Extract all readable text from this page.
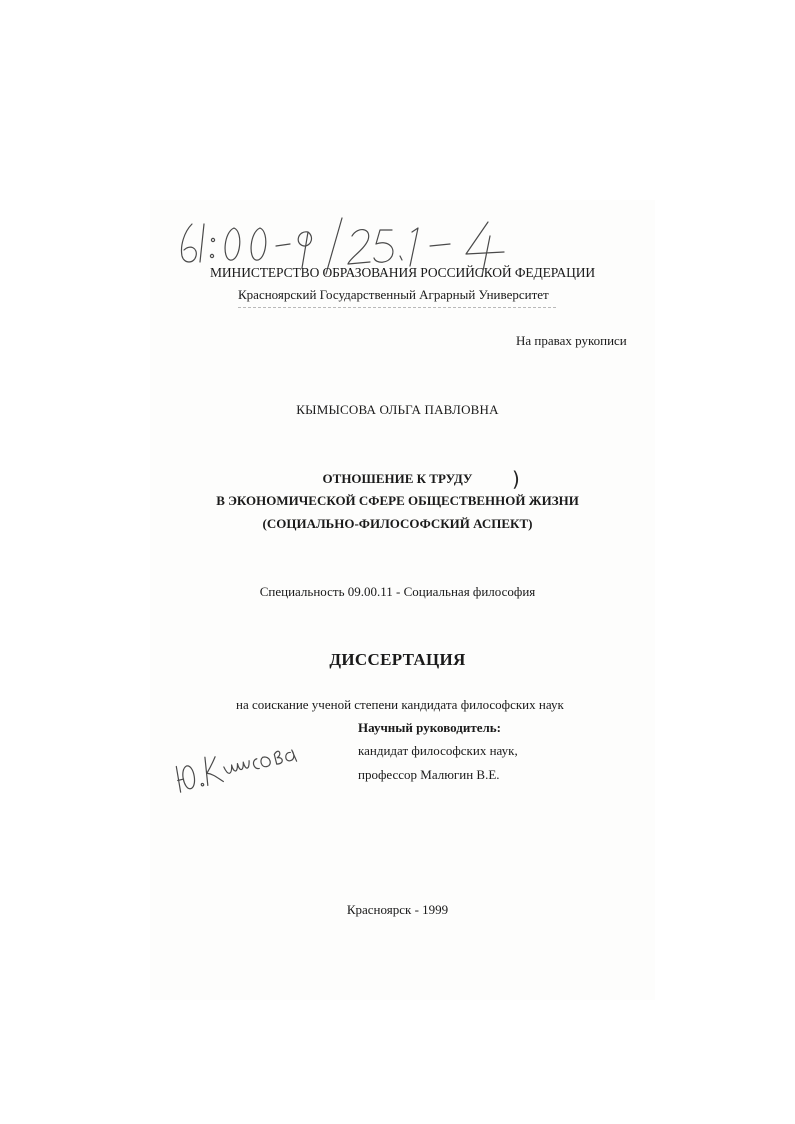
МИНИСТЕРСТВО ОБРАЗОВАНИЯ РОССИЙСКОЙ ФЕДЕРАЦИИ
Красноярский Государственный Аграрный Университет
На правах рукописи
КЫМЫСОВА ОЛЬГА ПАВЛОВНА
ОТНОШЕНИЕ К ТРУДУ	)
В ЭКОНОМИЧЕСКОЙ СФЕРЕ ОБЩЕСТВЕННОЙ ЖИЗНИ
(СОЦИАЛЬНО-ФИЛОСОФСКИЙ АСПЕКТ)
Специальность 09.00.11 - Социальная философия
ДИССЕРТАЦИЯ
на соискание ученой степени кандидата философских наук
Научный руководитель:
кандидат философских наук,
профессор Малюгин В.Е.
Красноярск - 1999
